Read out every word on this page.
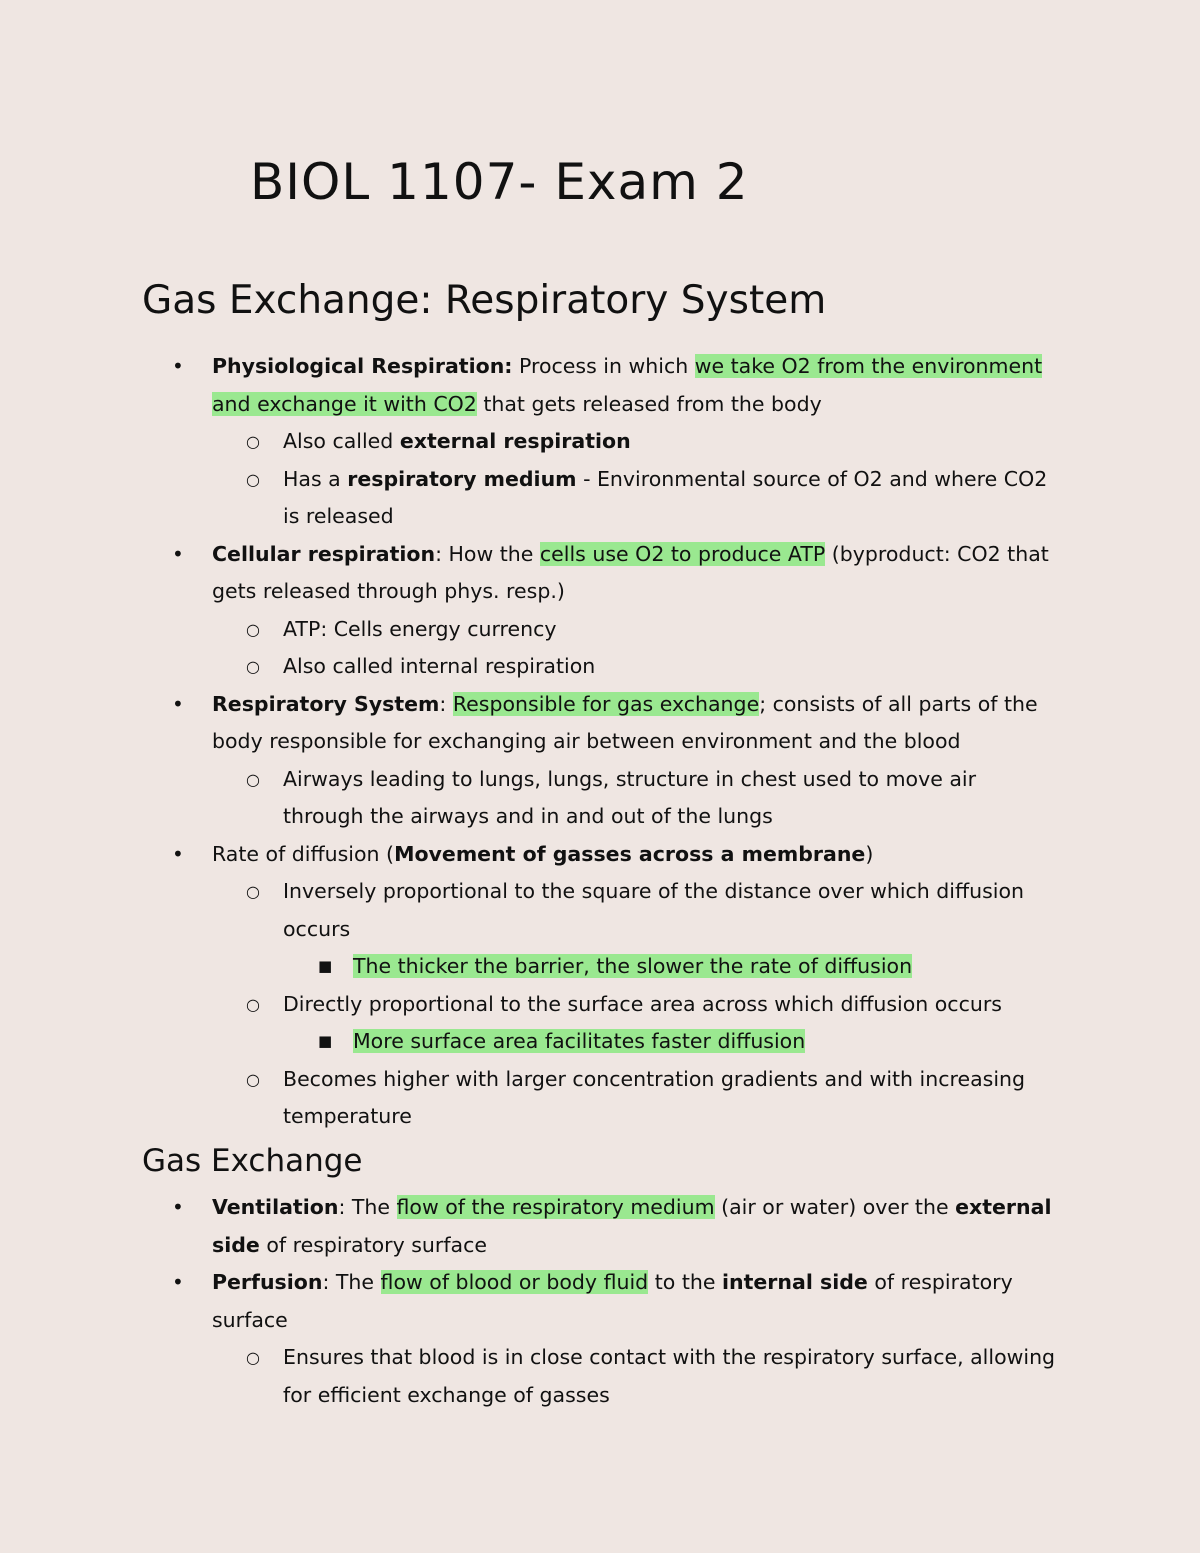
BIOL 1107- Exam 2
Gas Exchange: Respiratory System
• Physiological Respiration: Process in which we take O2 from the environment and exchange it with CO2 that gets released from the body
○ Also called external respiration
○ Has a respiratory medium - Environmental source of O2 and where CO2 is released
• Cellular respiration: How the cells use O2 to produce ATP (byproduct: CO2 that gets released through phys. resp.)
○ ATP: Cells energy currency
○ Also called internal respiration
• Respiratory System: Responsible for gas exchange; consists of all parts of the body responsible for exchanging air between environment and the blood
○ Airways leading to lungs, lungs, structure in chest used to move air through the airways and in and out of the lungs
• Rate of diffusion (Movement of gasses across a membrane)
○ Inversely proportional to the square of the distance over which diffusion occurs
■ The thicker the barrier, the slower the rate of diffusion
○ Directly proportional to the surface area across which diffusion occurs
■ More surface area facilitates faster diffusion
○ Becomes higher with larger concentration gradients and with increasing temperature
Gas Exchange
• Ventilation: The flow of the respiratory medium (air or water) over the external side of respiratory surface
• Perfusion: The flow of blood or body fluid to the internal side of respiratory surface
○ Ensures that blood is in close contact with the respiratory surface, allowing for efficient exchange of gasses
